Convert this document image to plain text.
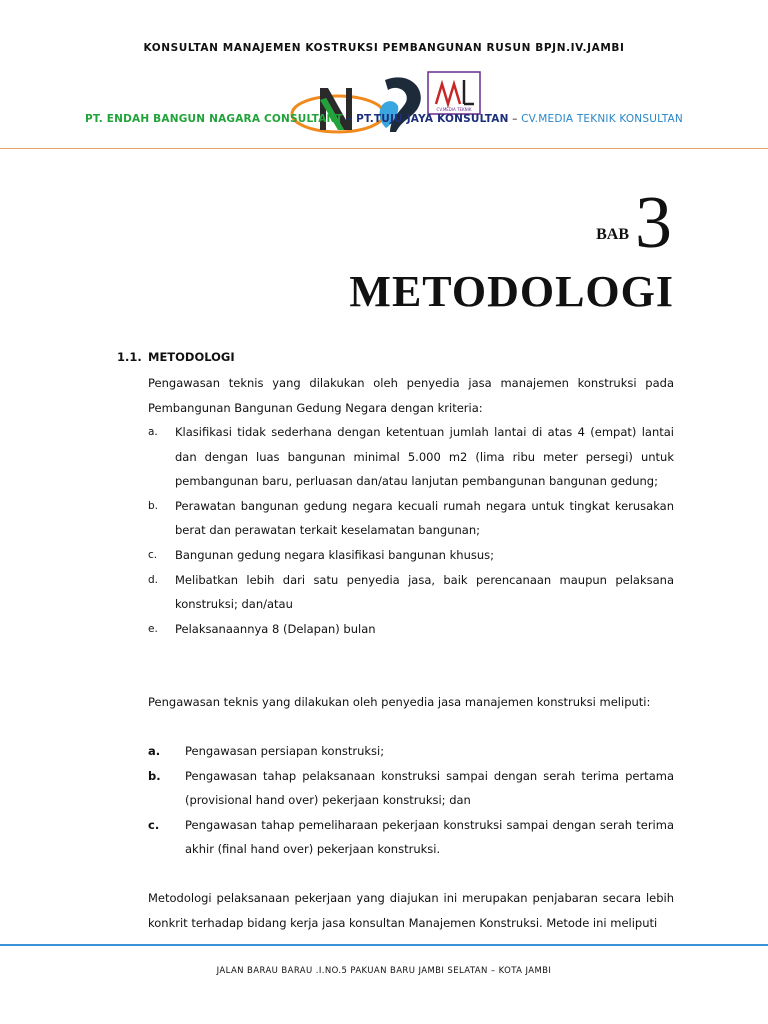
KONSULTAN MANAJEMEN KOSTRUKSI PEMBANGUNAN RUSUN BPJN.IV.JAMBI
CV.MEDIA TEKNIK
PT. ENDAH BANGUN NAGARA CONSULTANT – PT.TUJU JAYA KONSULTAN – CV.MEDIA TEKNIK KONSULTAN
BAB3
METODOLOGI
1.1. METODOLOGI
Pengawasan teknis yang dilakukan oleh penyedia jasa manajemen konstruksi pada Pembangunan Bangunan Gedung Negara dengan kriteria:
a. Klasifikasi tidak sederhana dengan ketentuan jumlah lantai di atas 4 (empat) lantai dan dengan luas bangunan minimal 5.000 m2 (lima ribu meter persegi) untuk pembangunan baru, perluasan dan/atau lanjutan pembangunan bangunan gedung;
b. Perawatan bangunan gedung negara kecuali rumah negara untuk tingkat kerusakan berat dan perawatan terkait keselamatan bangunan;
c. Bangunan gedung negara klasifikasi bangunan khusus;
d. Melibatkan lebih dari satu penyedia jasa, baik perencanaan maupun pelaksana konstruksi; dan/atau
e. Pelaksanaannya 8 (Delapan) bulan
Pengawasan teknis yang dilakukan oleh penyedia jasa manajemen konstruksi meliputi:
a. Pengawasan persiapan konstruksi;
b. Pengawasan tahap pelaksanaan konstruksi sampai dengan serah terima pertama (provisional hand over) pekerjaan konstruksi; dan
c. Pengawasan tahap pemeliharaan pekerjaan konstruksi sampai dengan serah terima akhir (final hand over) pekerjaan konstruksi.
Metodologi pelaksanaan pekerjaan yang diajukan ini merupakan penjabaran secara lebih konkrit terhadap bidang kerja jasa konsultan Manajemen Konstruksi. Metode ini meliputi
JALAN BARAU BARAU .I.NO.5 PAKUAN BARU JAMBI SELATAN – KOTA JAMBI
